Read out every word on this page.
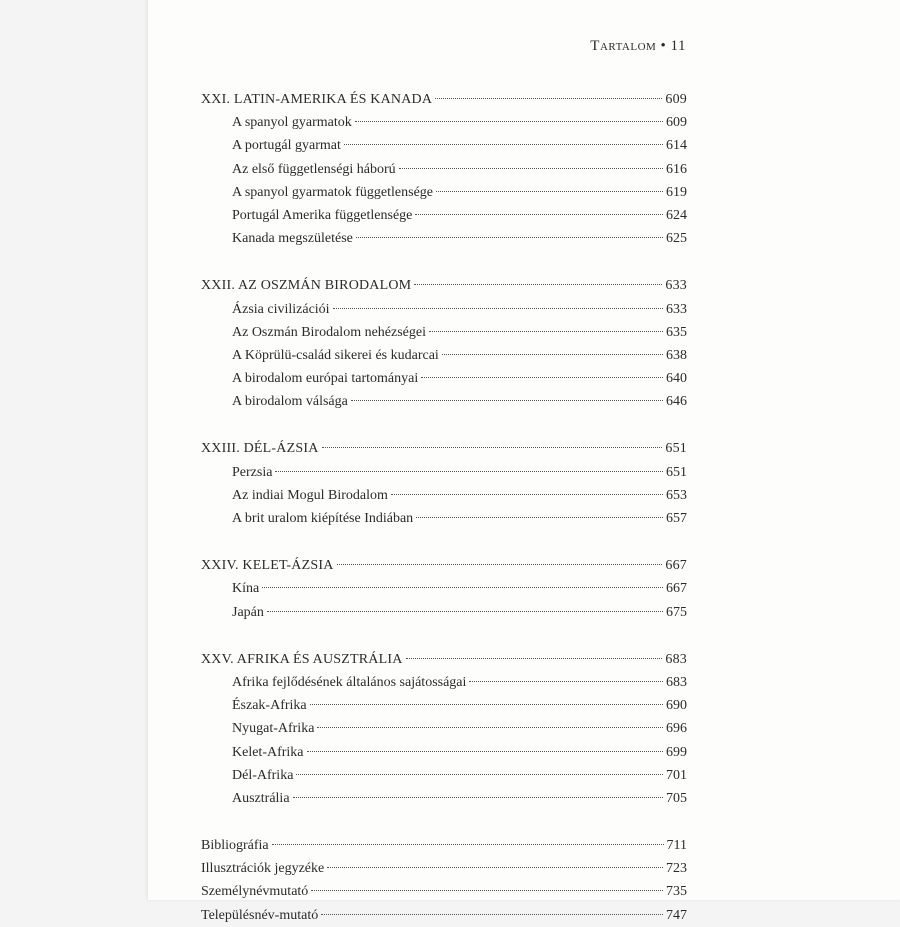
Tartalom • 11
XXI. LATIN-AMERIKA ÉS KANADA	609
A spanyol gyarmatok	609
A portugál gyarmat	614
Az első függetlenségi háború	616
A spanyol gyarmatok függetlensége	619
Portugál Amerika függetlensége	624
Kanada megszületése	625
XXII. AZ OSZMÁN BIRODALOM	633
Ázsia civilizációi	633
Az Oszmán Birodalom nehézségei	635
A Köprülü-család sikerei és kudarcai	638
A birodalom európai tartományai	640
A birodalom válsága	646
XXIII. DÉL-ÁZSIA	651
Perzsia	651
Az indiai Mogul Birodalom	653
A brit uralom kiépítése Indiában	657
XXIV. KELET-ÁZSIA	667
Kína	667
Japán	675
XXV. AFRIKA ÉS AUSZTRÁLIA	683
Afrika fejlődésének általános sajátosságai	683
Észak-Afrika	690
Nyugat-Afrika	696
Kelet-Afrika	699
Dél-Afrika	701
Ausztrália	705
Bibliográfia	711
Illusztrációk jegyzéke	723
Személynévmutató	735
Településnév-mutató	747
